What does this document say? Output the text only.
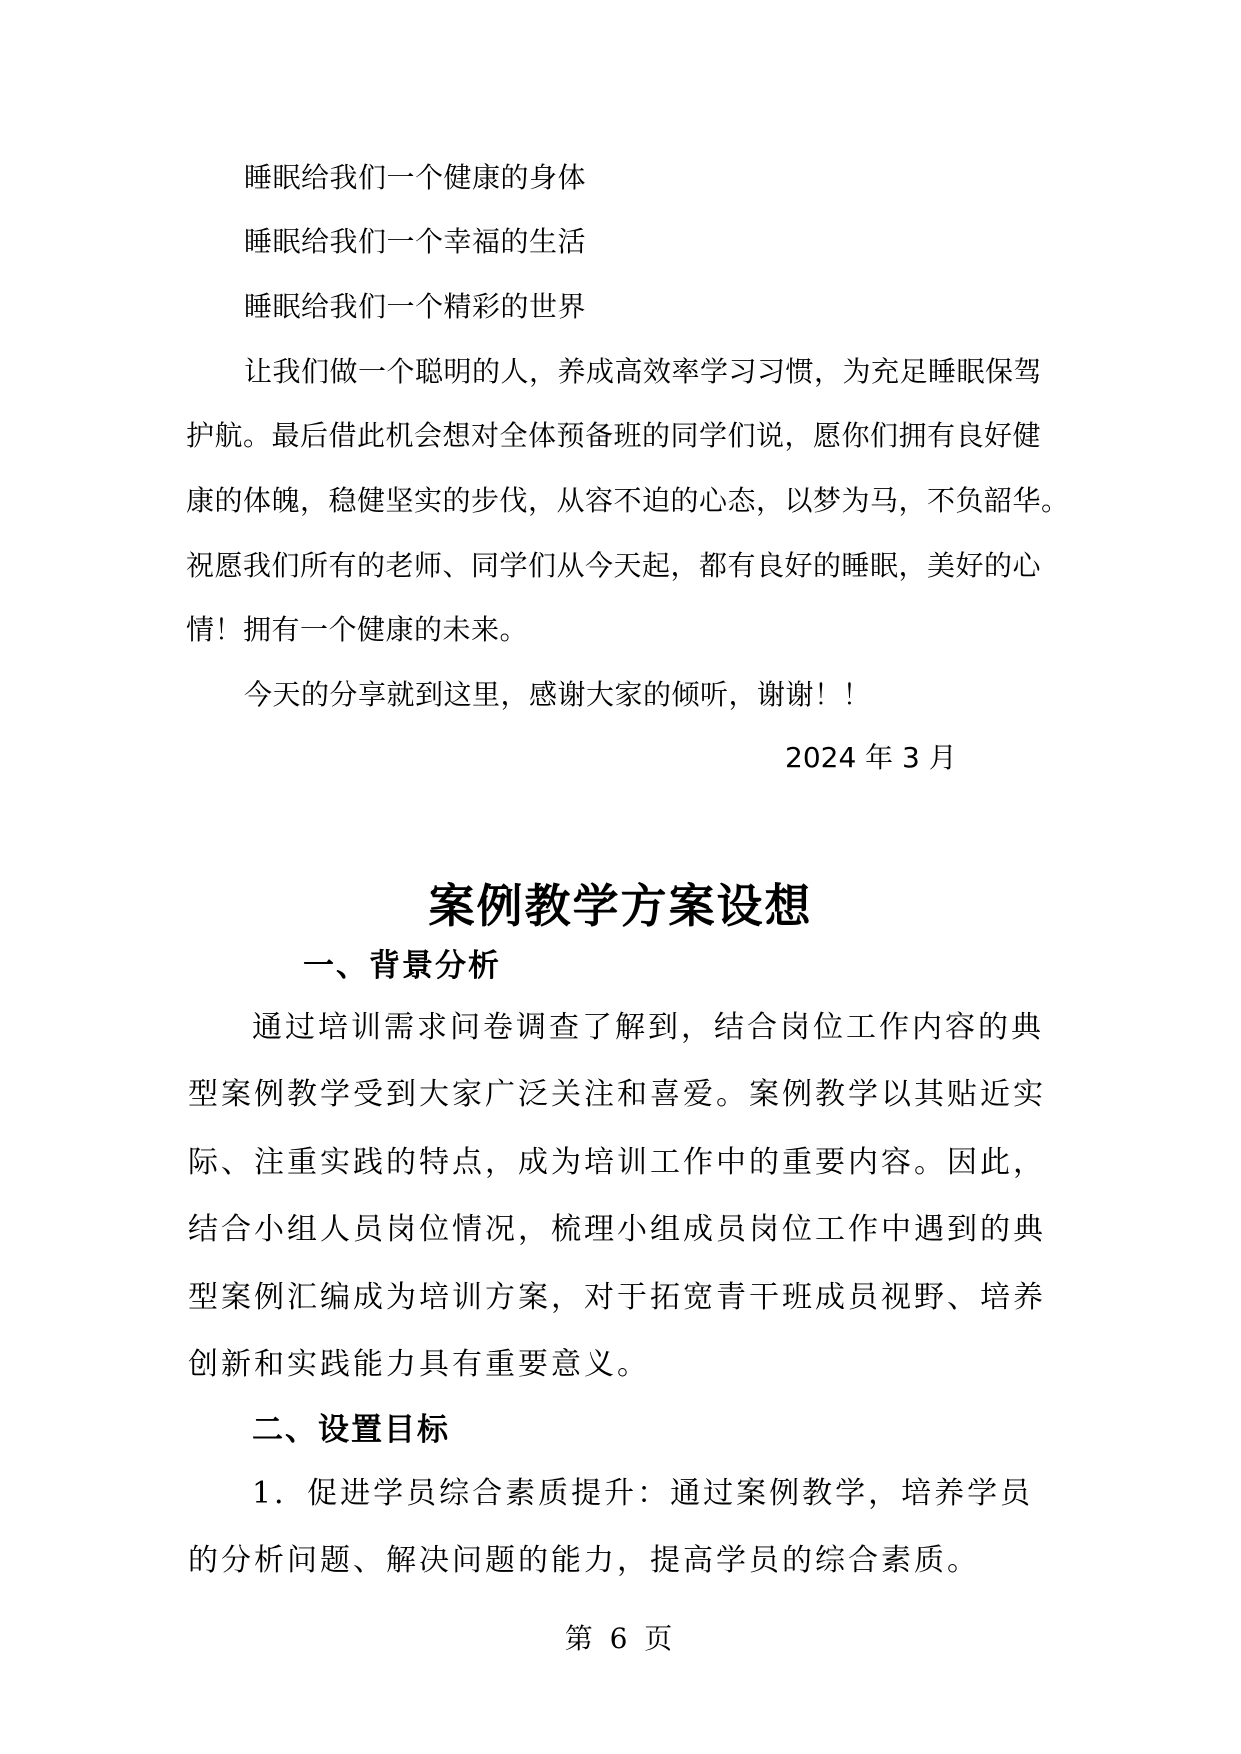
睡眠给我们一个健康的身体
睡眠给我们一个幸福的生活
睡眠给我们一个精彩的世界
让我们做一个聪明的人，养成高效率学习习惯，为充足睡眠保驾
护航。最后借此机会想对全体预备班的同学们说，愿你们拥有良好健
康的体魄，稳健坚实的步伐，从容不迫的心态，以梦为马，不负韶华。
祝愿我们所有的老师、同学们从今天起，都有良好的睡眠，美好的心
情！拥有一个健康的未来。
今天的分享就到这里，感谢大家的倾听，谢谢！！
2024 年 3 月
案例教学方案设想
一、背景分析
通过培训需求问卷调查了解到，结合岗位工作内容的典
型案例教学受到大家广泛关注和喜爱。案例教学以其贴近实
际、注重实践的特点，成为培训工作中的重要内容。因此，
结合小组人员岗位情况，梳理小组成员岗位工作中遇到的典
型案例汇编成为培训方案，对于拓宽青干班成员视野、培养
创新和实践能力具有重要意义。
二、设置目标
1．促进学员综合素质提升：通过案例教学，培养学员
的分析问题、解决问题的能力，提高学员的综合素质。
第 6 页
